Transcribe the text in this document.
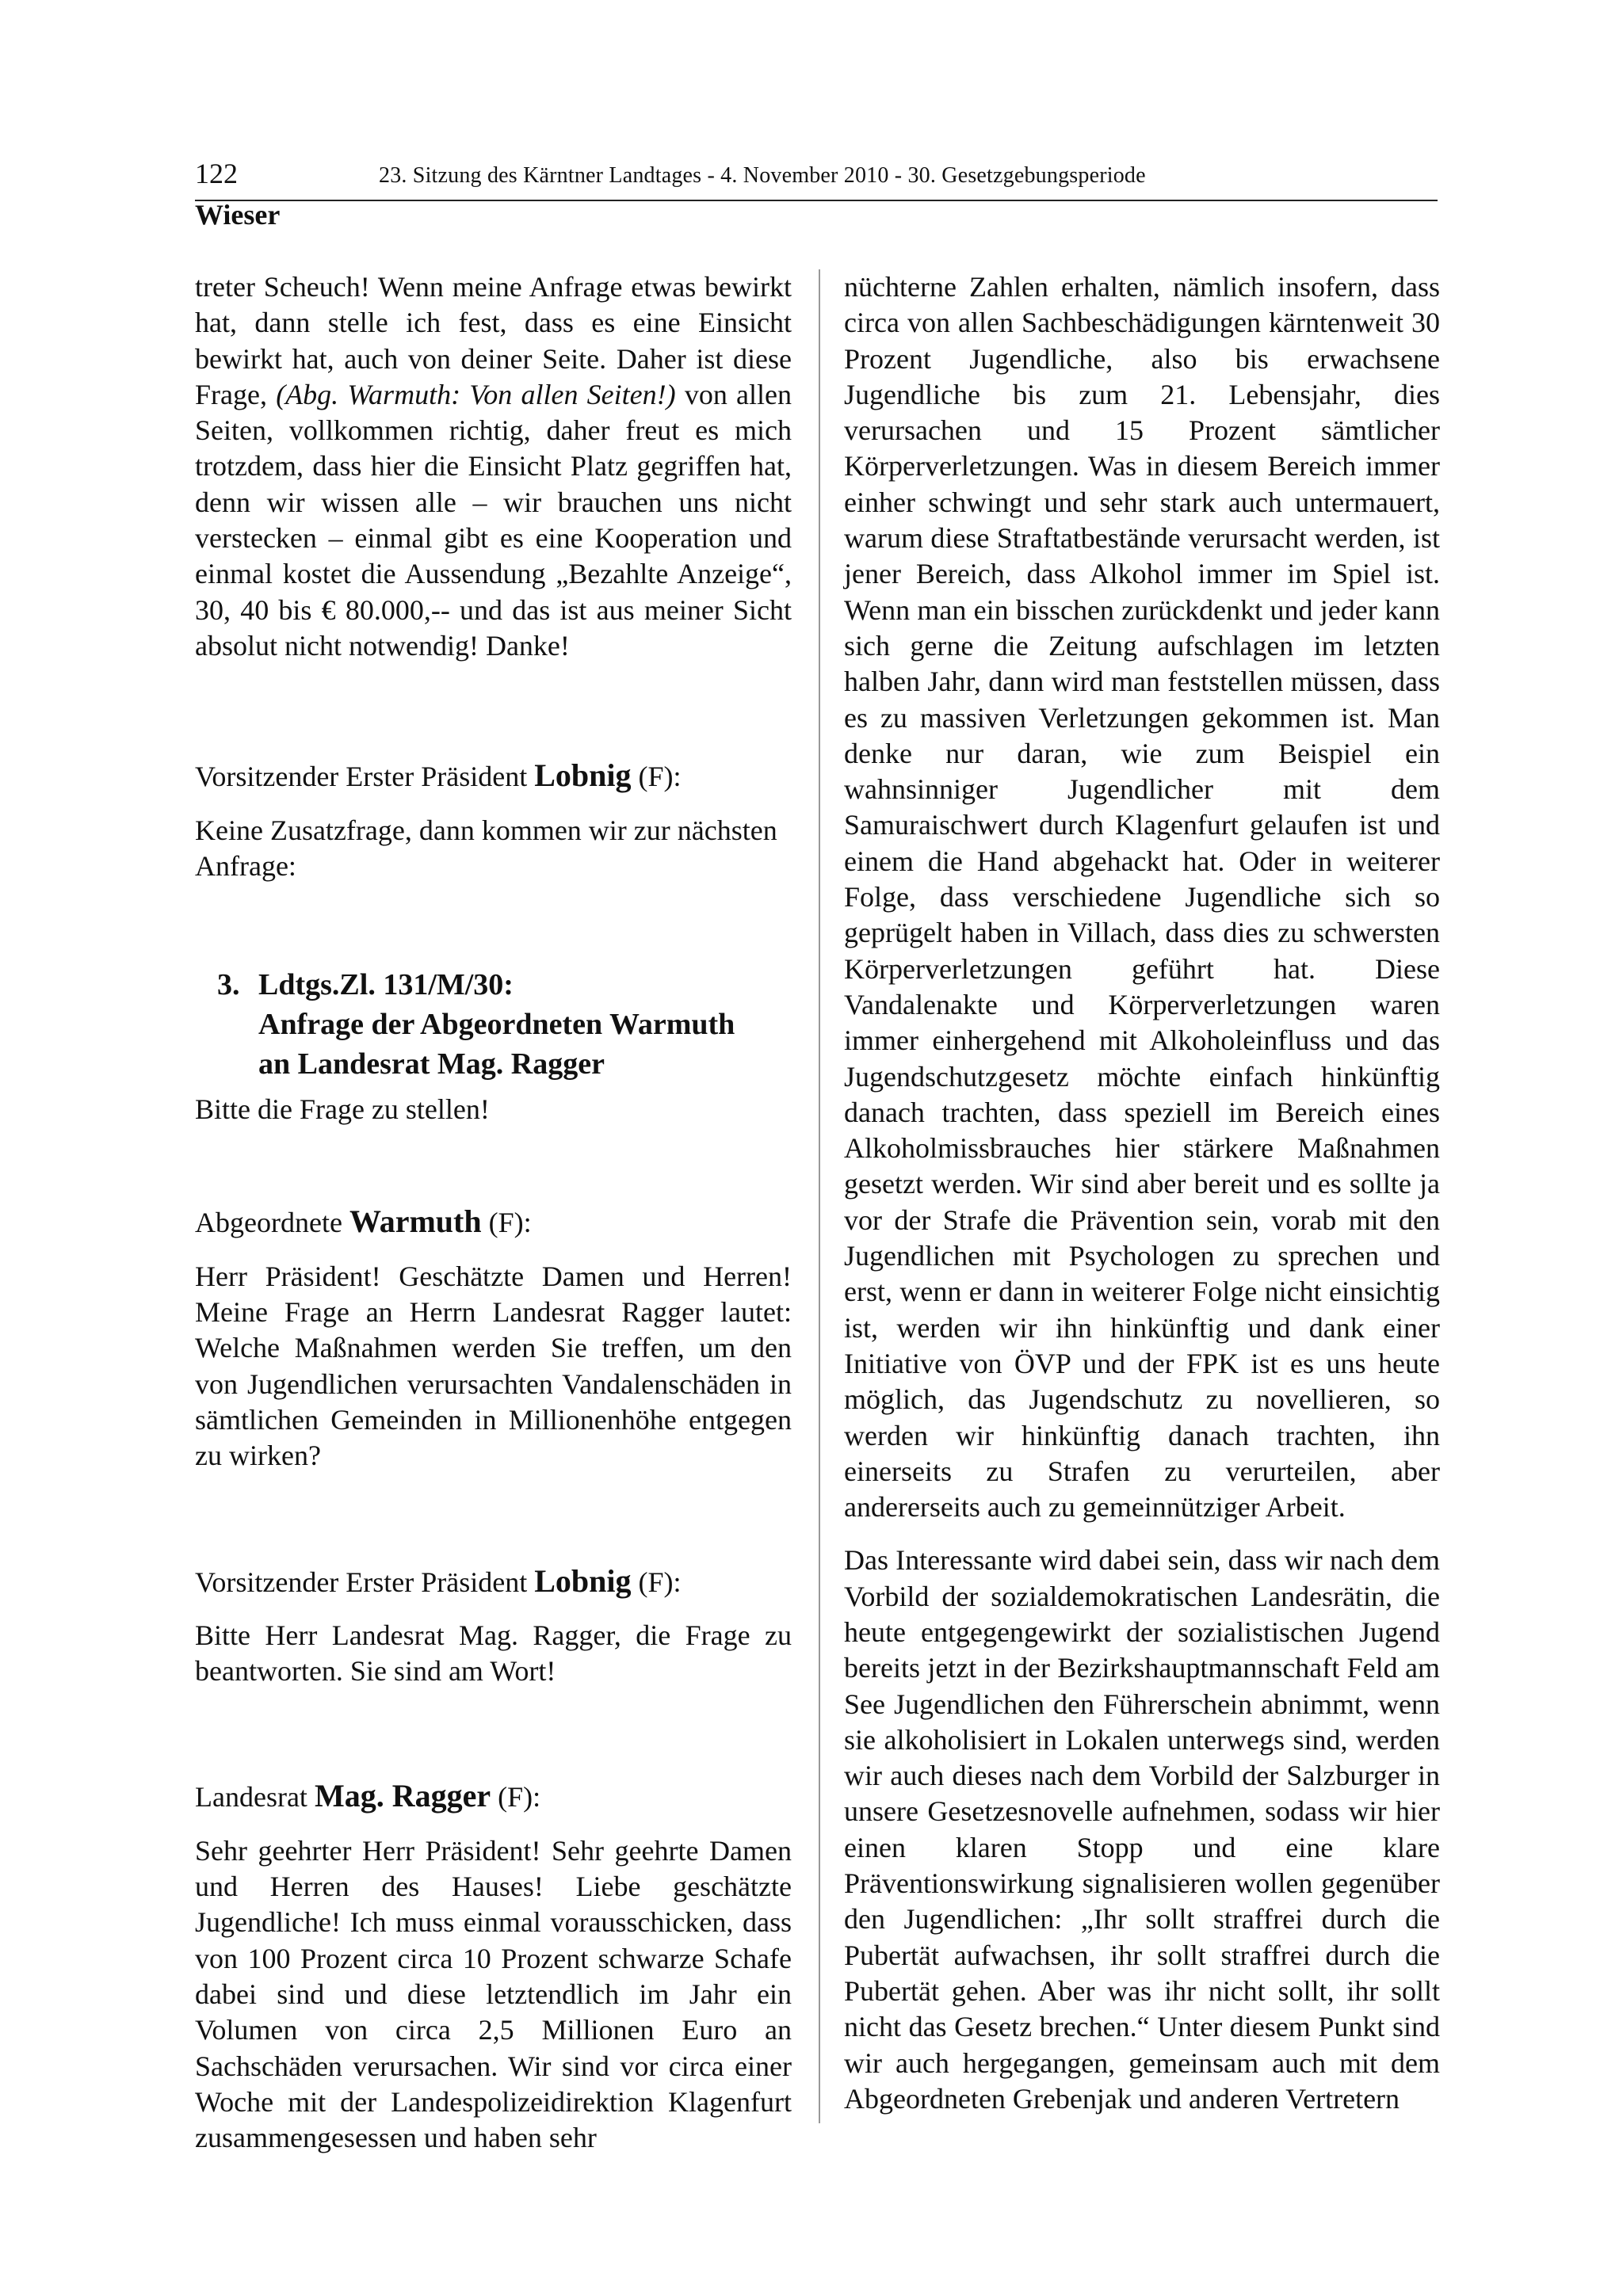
122	23. Sitzung des Kärntner Landtages - 4. November 2010 - 30. Gesetzgebungsperiode
Wieser

treter Scheuch! Wenn meine Anfrage etwas bewirkt hat, dann stelle ich fest, dass es eine Einsicht bewirkt hat, auch von deiner Seite. Daher ist diese Frage, (Abg. Warmuth: Von allen Seiten!) von allen Seiten, vollkommen richtig, daher freut es mich trotzdem, dass hier die Einsicht Platz gegriffen hat, denn wir wissen alle – wir brauchen uns nicht verstecken – einmal gibt es eine Kooperation und einmal kostet die Aussendung „Bezahlte Anzeige“, 30, 40 bis € 80.000,-- und das ist aus meiner Sicht absolut nicht notwendig! Danke!

Vorsitzender Erster Präsident Lobnig (F):

Keine Zusatzfrage, dann kommen wir zur nächsten Anfrage:

3. Ldtgs.Zl. 131/M/30:
Anfrage der Abgeordneten Warmuth
an Landesrat Mag. Ragger

Bitte die Frage zu stellen!

Abgeordnete Warmuth (F):

Herr Präsident! Geschätzte Damen und Herren! Meine Frage an Herrn Landesrat Ragger lautet: Welche Maßnahmen werden Sie treffen, um den von Jugendlichen verursachten Vandalenschäden in sämtlichen Gemeinden in Millionenhöhe entgegen zu wirken?

Vorsitzender Erster Präsident Lobnig (F):

Bitte Herr Landesrat Mag. Ragger, die Frage zu beantworten. Sie sind am Wort!

Landesrat Mag. Ragger (F):

Sehr geehrter Herr Präsident! Sehr geehrte Damen und Herren des Hauses! Liebe geschätzte Jugendliche! Ich muss einmal vorausschicken, dass von 100 Prozent circa 10 Prozent schwarze Schafe dabei sind und diese letztendlich im Jahr ein Volumen von circa 2,5 Millionen Euro an Sachschäden verursachen. Wir sind vor circa einer Woche mit der Landespolizeidirektion Klagenfurt zusammengesessen und haben sehr

nüchterne Zahlen erhalten, nämlich insofern, dass circa von allen Sachbeschädigungen kärntenweit 30 Prozent Jugendliche, also bis erwachsene Jugendliche bis zum 21. Lebensjahr, dies verursachen und 15 Prozent sämtlicher Körperverletzungen. Was in diesem Bereich immer einher schwingt und sehr stark auch untermauert, warum diese Straftatbestände verursacht werden, ist jener Bereich, dass Alkohol immer im Spiel ist. Wenn man ein bisschen zurückdenkt und jeder kann sich gerne die Zeitung aufschlagen im letzten halben Jahr, dann wird man feststellen müssen, dass es zu massiven Verletzungen gekommen ist. Man denke nur daran, wie zum Beispiel ein wahnsinniger Jugendlicher mit dem Samuraischwert durch Klagenfurt gelaufen ist und einem die Hand abgehackt hat. Oder in weiterer Folge, dass verschiedene Jugendliche sich so geprügelt haben in Villach, dass dies zu schwersten Körperverletzungen geführt hat. Diese Vandalenakte und Körperverletzungen waren immer einhergehend mit Alkoholeinfluss und das Jugendschutzgesetz möchte einfach hinkünftig danach trachten, dass speziell im Bereich eines Alkoholmissbrauches hier stärkere Maßnahmen gesetzt werden. Wir sind aber bereit und es sollte ja vor der Strafe die Prävention sein, vorab mit den Jugendlichen mit Psychologen zu sprechen und erst, wenn er dann in weiterer Folge nicht einsichtig ist, werden wir ihn hinkünftig und dank einer Initiative von ÖVP und der FPK ist es uns heute möglich, das Jugendschutz zu novellieren, so werden wir hinkünftig danach trachten, ihn einerseits zu Strafen zu verurteilen, aber andererseits auch zu gemeinnütziger Arbeit.

Das Interessante wird dabei sein, dass wir nach dem Vorbild der sozialdemokratischen Landesrätin, die heute entgegengewirkt der sozialistischen Jugend bereits jetzt in der Bezirkshauptmannschaft Feld am See Jugendlichen den Führerschein abnimmt, wenn sie alkoholisiert in Lokalen unterwegs sind, werden wir auch dieses nach dem Vorbild der Salzburger in unsere Gesetzesnovelle aufnehmen, sodass wir hier einen klaren Stopp und eine klare Präventionswirkung signalisieren wollen gegenüber den Jugendlichen: „Ihr sollt straffrei durch die Pubertät aufwachsen, ihr sollt straffrei durch die Pubertät gehen. Aber was ihr nicht sollt, ihr sollt nicht das Gesetz brechen.“ Unter diesem Punkt sind wir auch hergegangen, gemeinsam auch mit dem Abgeordneten Grebenjak und anderen Vertretern
